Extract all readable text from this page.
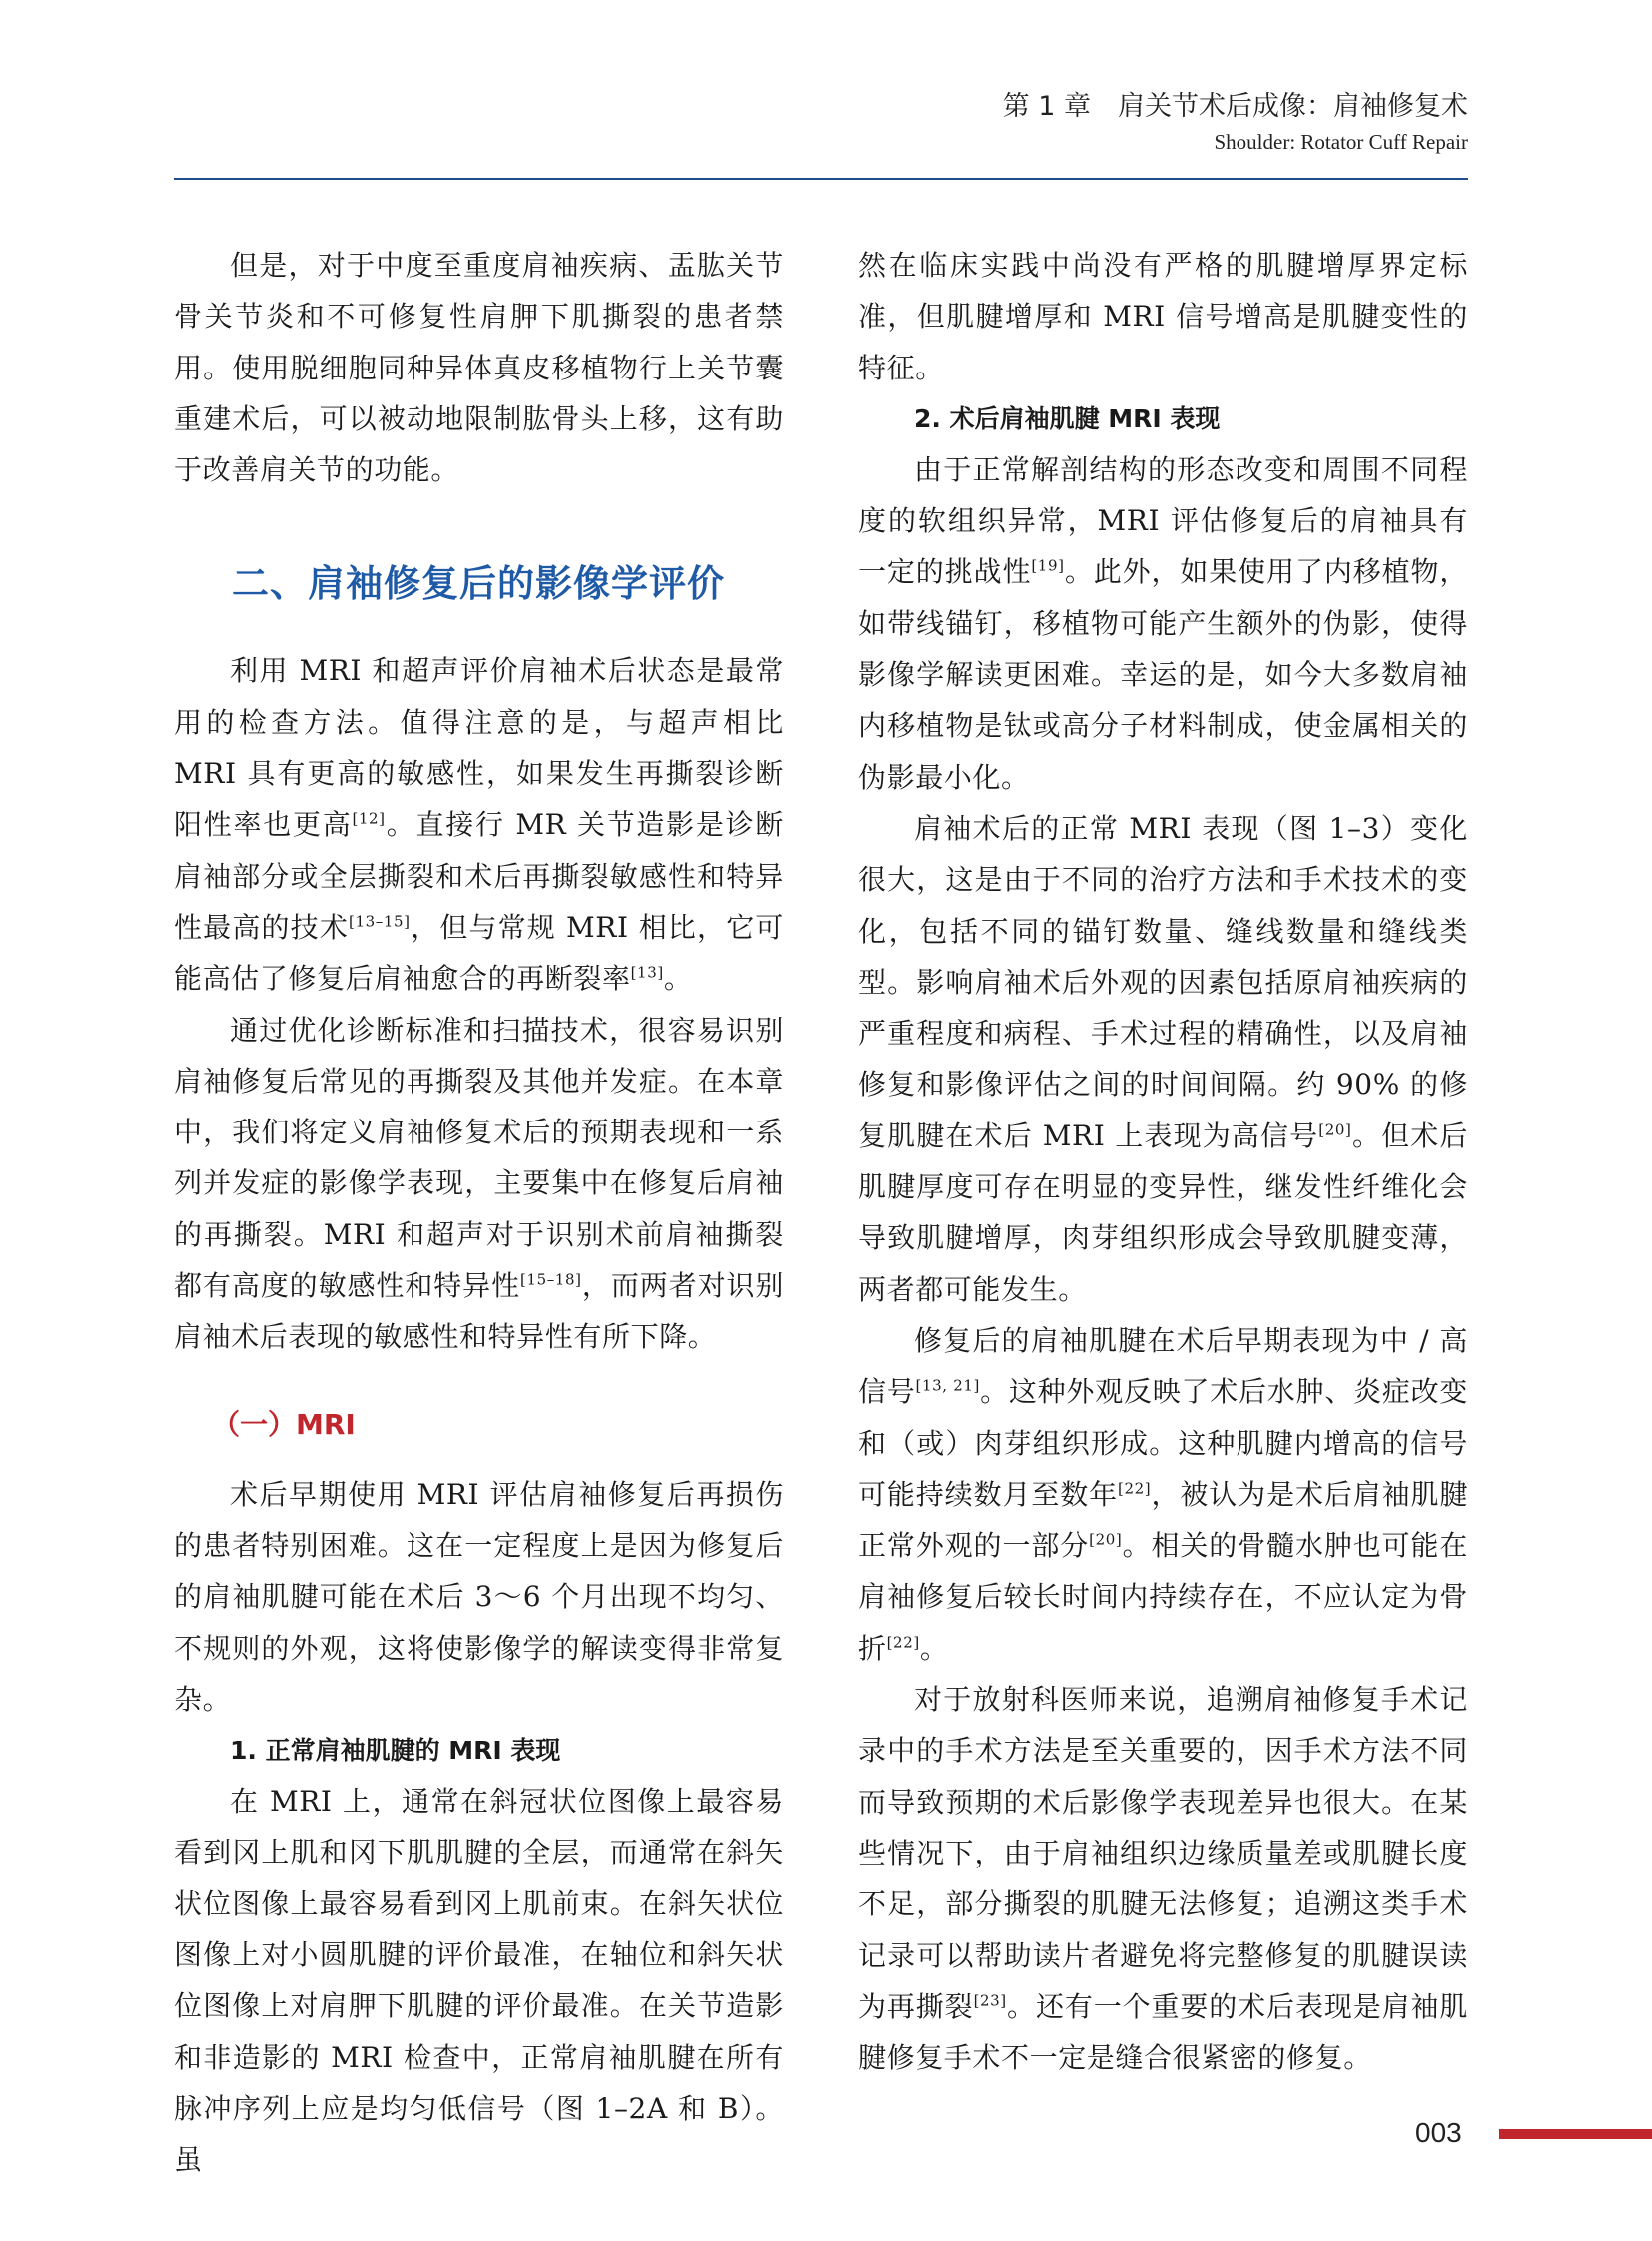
第 1 章　肩关节术后成像：肩袖修复术
Shoulder: Rotator Cuff Repair

但是，对于中度至重度肩袖疾病、盂肱关节骨关节炎和不可修复性肩胛下肌撕裂的患者禁用。使用脱细胞同种异体真皮移植物行上关节囊重建术后，可以被动地限制肱骨头上移，这有助于改善肩关节的功能。

二、肩袖修复后的影像学评价

利用 MRI 和超声评价肩袖术后状态是最常用的检查方法。值得注意的是，与超声相比 MRI 具有更高的敏感性，如果发生再撕裂诊断阳性率也更高[12]。直接行 MR 关节造影是诊断肩袖部分或全层撕裂和术后再撕裂敏感性和特异性最高的技术[13–15]，但与常规 MRI 相比，它可能高估了修复后肩袖愈合的再断裂率[13]。

通过优化诊断标准和扫描技术，很容易识别肩袖修复后常见的再撕裂及其他并发症。在本章中，我们将定义肩袖修复术后的预期表现和一系列并发症的影像学表现，主要集中在修复后肩袖的再撕裂。MRI 和超声对于识别术前肩袖撕裂都有高度的敏感性和特异性[15–18]，而两者对识别肩袖术后表现的敏感性和特异性有所下降。

（一）MRI

术后早期使用 MRI 评估肩袖修复后再损伤的患者特别困难。这在一定程度上是因为修复后的肩袖肌腱可能在术后 3～6 个月出现不均匀、不规则的外观，这将使影像学的解读变得非常复杂。

1. 正常肩袖肌腱的 MRI 表现

在 MRI 上，通常在斜冠状位图像上最容易看到冈上肌和冈下肌肌腱的全层，而通常在斜矢状位图像上最容易看到冈上肌前束。在斜矢状位图像上对小圆肌腱的评价最准，在轴位和斜矢状位图像上对肩胛下肌腱的评价最准。在关节造影和非造影的 MRI 检查中，正常肩袖肌腱在所有脉冲序列上应是均匀低信号（图 1–2A 和 B）。虽

然在临床实践中尚没有严格的肌腱增厚界定标准，但肌腱增厚和 MRI 信号增高是肌腱变性的特征。

2. 术后肩袖肌腱 MRI 表现

由于正常解剖结构的形态改变和周围不同程度的软组织异常，MRI 评估修复后的肩袖具有一定的挑战性[19]。此外，如果使用了内移植物，如带线锚钉，移植物可能产生额外的伪影，使得影像学解读更困难。幸运的是，如今大多数肩袖内移植物是钛或高分子材料制成，使金属相关的伪影最小化。

肩袖术后的正常 MRI 表现（图 1–3）变化很大，这是由于不同的治疗方法和手术技术的变化，包括不同的锚钉数量、缝线数量和缝线类型。影响肩袖术后外观的因素包括原肩袖疾病的严重程度和病程、手术过程的精确性，以及肩袖修复和影像评估之间的时间间隔。约 90% 的修复肌腱在术后 MRI 上表现为高信号[20]。但术后肌腱厚度可存在明显的变异性，继发性纤维化会导致肌腱增厚，肉芽组织形成会导致肌腱变薄，两者都可能发生。

修复后的肩袖肌腱在术后早期表现为中 / 高信号[13, 21]。这种外观反映了术后水肿、炎症改变和（或）肉芽组织形成。这种肌腱内增高的信号可能持续数月至数年[22]，被认为是术后肩袖肌腱正常外观的一部分[20]。相关的骨髓水肿也可能在肩袖修复后较长时间内持续存在，不应认定为骨折[22]。

对于放射科医师来说，追溯肩袖修复手术记录中的手术方法是至关重要的，因手术方法不同而导致预期的术后影像学表现差异也很大。在某些情况下，由于肩袖组织边缘质量差或肌腱长度不足，部分撕裂的肌腱无法修复；追溯这类手术记录可以帮助读片者避免将完整修复的肌腱误读为再撕裂[23]。还有一个重要的术后表现是肩袖肌腱修复手术不一定是缝合很紧密的修复。

003
